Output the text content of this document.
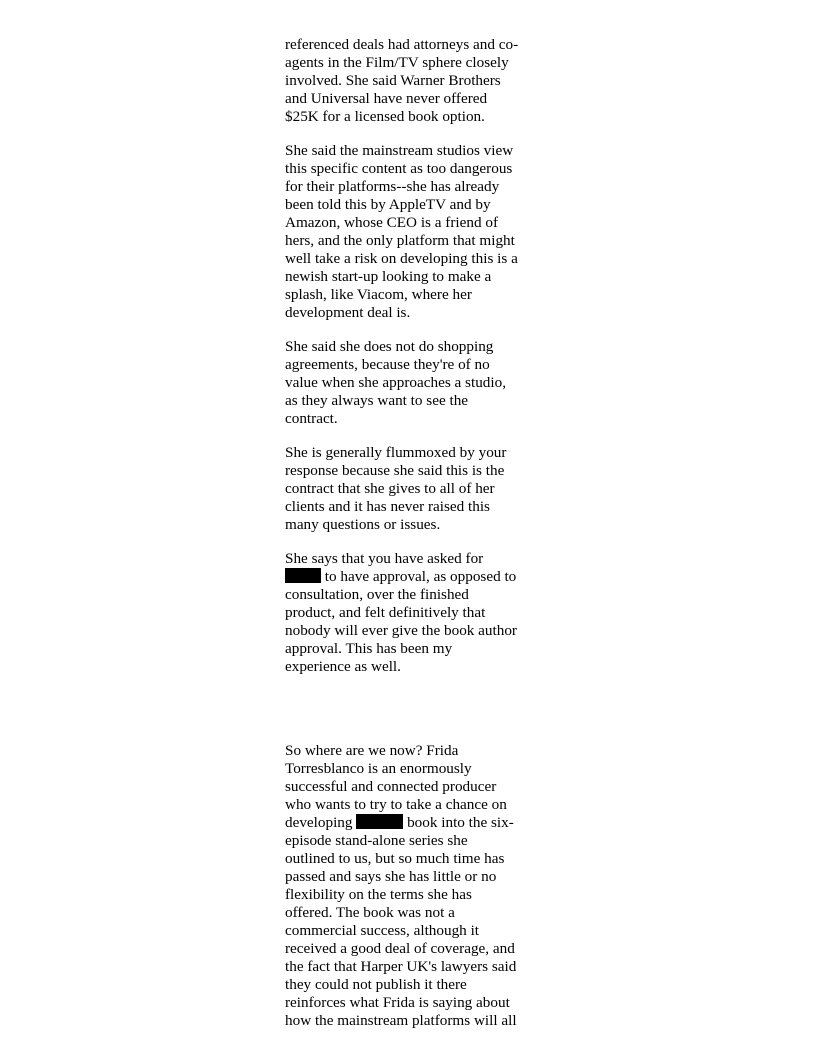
referenced deals had attorneys and co-
agents in the Film/TV sphere closely
involved. She said Warner Brothers
and Universal have never offered
$25K for a licensed book option.

She said the mainstream studios view
this specific content as too dangerous
for their platforms--she has already
been told this by AppleTV and by
Amazon, whose CEO is a friend of
hers, and the only platform that might
well take a risk on developing this is a
newish start-up looking to make a
splash, like Viacom, where her
development deal is.

She said she does not do shopping
agreements, because they're of no
value when she approaches a studio,
as they always want to see the
contract.

She is generally flummoxed by your
response because she said this is the
contract that she gives to all of her
clients and it has never raised this
many questions or issues.

She says that you have asked for
to have approval, as opposed to
consultation, over the finished
product, and felt definitively that
nobody will ever give the book author
approval. This has been my
experience as well.

So where are we now? Frida
Torresblanco is an enormously
successful and connected producer
who wants to try to take a chance on
developing	book into the six-
episode stand-alone series she
outlined to us, but so much time has
passed and says she has little or no
flexibility on the terms she has
offered. The book was not a
commercial success, although it
received a good deal of coverage, and
the fact that Harper UK's lawyers said
they could not publish it there
reinforces what Frida is saying about
how the mainstream platforms will all
